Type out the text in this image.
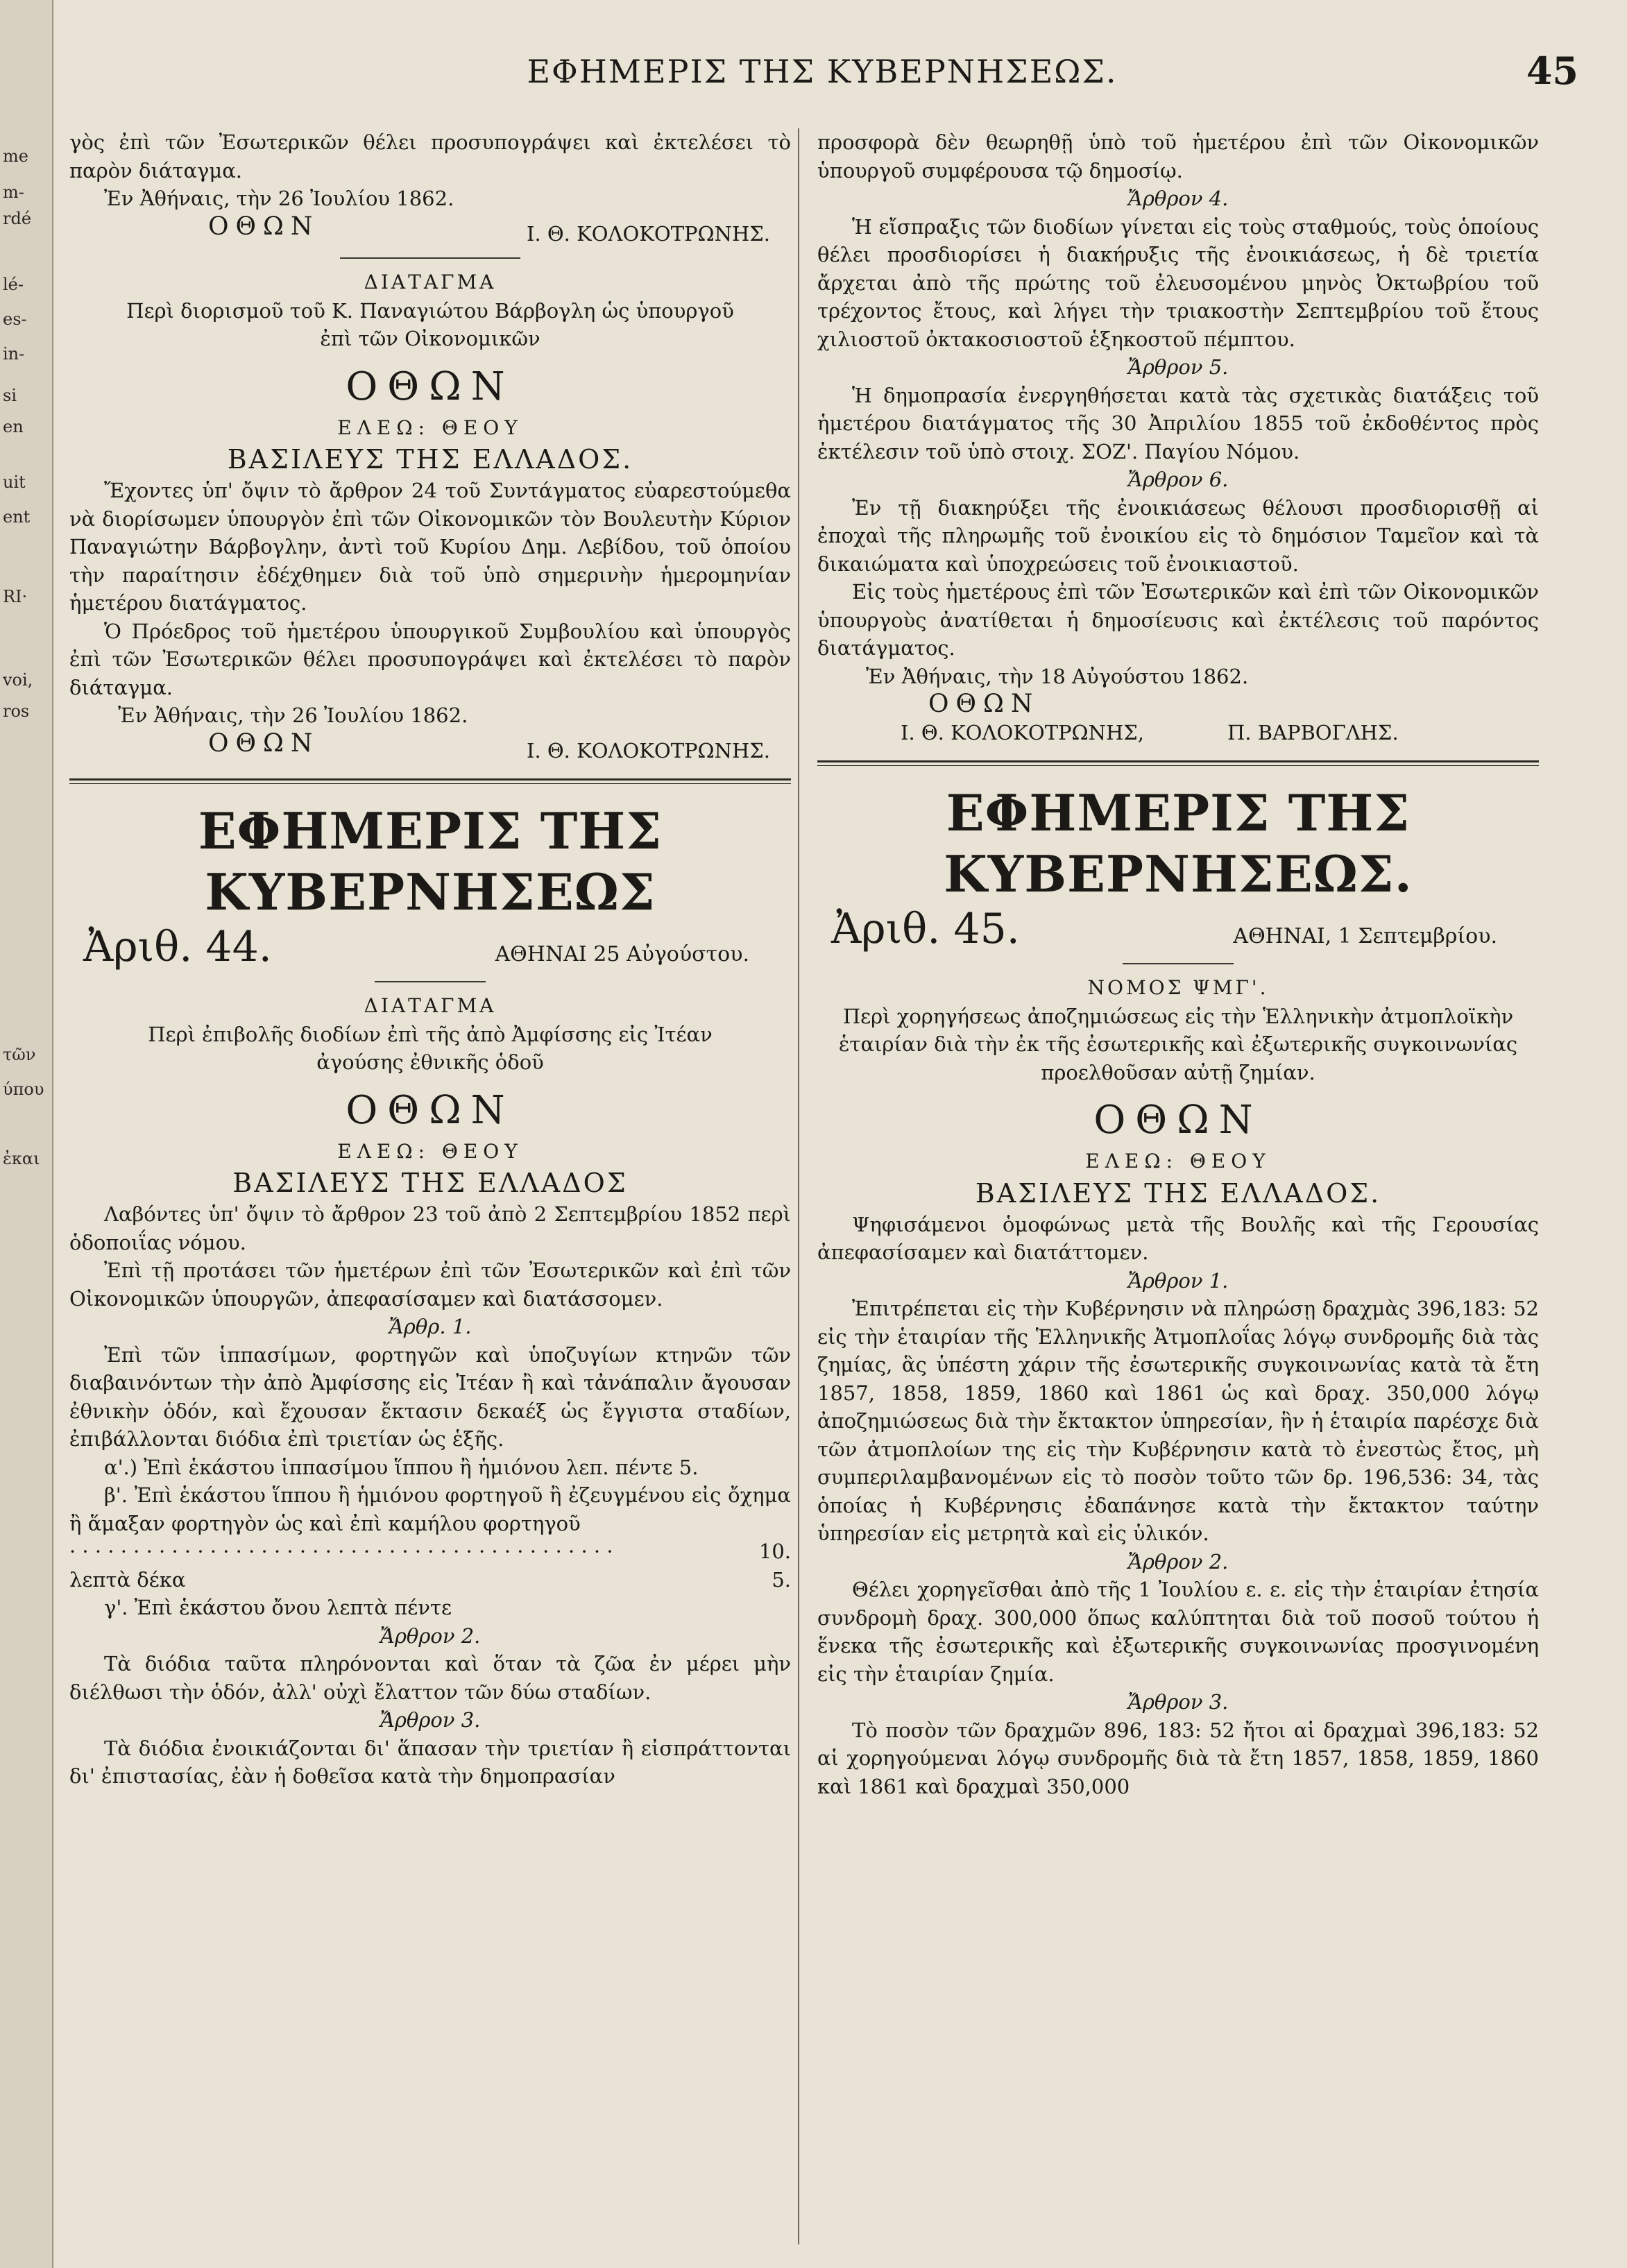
me
m-
rdé
lé-
es-
in-
si
en
uit
ent
RI·
voi,
ros
τῶν
ύπου
ἐκαι
ΕΦΗΜΕΡΙΣ ΤΗΣ ΚΥΒΕΡΝΗΣΕΩΣ.	45

γὸς ἐπὶ τῶν Ἐσωτερικῶν θέλει προσυπογράψει καὶ ἐκτελέσει τὸ παρὸν διάταγμα.

Ἐν Ἀθήναις, τὴν 26 Ἰουλίου 1862.

ΟΘΩΝ	Ι. Θ. ΚΟΛΟΚΟΤΡΩΝΗΣ.

ΔΙΑΤΑΓΜΑ

Περὶ διορισμοῦ τοῦ Κ. Παναγιώτου Βάρβογλη ὡς ὑπουργοῦ ἐπὶ τῶν Οἰκονομικῶν

ΟΘΩΝ

ΕΛΕΩ: ΘΕΟΥ

ΒΑΣΙΛΕΥΣ ΤΗΣ ΕΛΛΑΔΟΣ.

Ἔχοντες ὑπ' ὄψιν τὸ ἄρθρον 24 τοῦ Συντάγματος εὐαρεστούμεθα νὰ διορίσωμεν ὑπουργὸν ἐπὶ τῶν Οἰκονομικῶν τὸν Βουλευτὴν Κύριον Παναγιώτην Βάρβογλην, ἀντὶ τοῦ Κυρίου Δημ. Λεβίδου, τοῦ ὁποίου τὴν παραίτησιν ἐδέχθημεν διὰ τοῦ ὑπὸ σημερινὴν ἡμερομηνίαν ἡμετέρου διατάγματος.

Ὁ Πρόεδρος τοῦ ἡμετέρου ὑπουργικοῦ Συμβουλίου καὶ ὑπουργὸς ἐπὶ τῶν Ἐσωτερικῶν θέλει προσυπογράψει καὶ ἐκτελέσει τὸ παρὸν διάταγμα.

Ἐν Ἀθήναις, τὴν 26 Ἰουλίου 1862.

ΟΘΩΝ	Ι. Θ. ΚΟΛΟΚΟΤΡΩΝΗΣ.

ΕΦΗΜΕΡΙΣ ΤΗΣ ΚΥΒΕΡΝΗΣΕΩΣ

Ἀριθ. 44.	ΑΘΗΝΑΙ 25 Αὐγούστου.

ΔΙΑΤΑΓΜΑ

Περὶ ἐπιβολῆς διοδίων ἐπὶ τῆς ἀπὸ Ἀμφίσσης εἰς Ἰτέαν ἀγούσης ἐθνικῆς ὁδοῦ

ΟΘΩΝ

ΕΛΕΩ: ΘΕΟΥ

ΒΑΣΙΛΕΥΣ ΤΗΣ ΕΛΛΑΔΟΣ

Λαβόντες ὑπ' ὄψιν τὸ ἄρθρον 23 τοῦ ἀπὸ 2 Σεπτεμβρίου 1852 περὶ ὁδοποιΐας νόμου.

Ἐπὶ τῇ προτάσει τῶν ἡμετέρων ἐπὶ τῶν Ἐσωτερικῶν καὶ ἐπὶ τῶν Οἰκονομικῶν ὑπουργῶν, ἀπεφασίσαμεν καὶ διατάσσομεν.

Ἄρθρ. 1.

Ἐπὶ τῶν ἱππασίμων, φορτηγῶν καὶ ὑποζυγίων κτηνῶν τῶν διαβαινόντων τὴν ἀπὸ Ἀμφίσσης εἰς Ἰτέαν ἢ καὶ τἀνάπαλιν ἄγουσαν ἐθνικὴν ὁδόν, καὶ ἔχουσαν ἔκτασιν δεκαέξ ὡς ἔγγιστα σταδίων, ἐπιβάλλονται διόδια ἐπὶ τριετίαν ὡς ἑξῆς.

α'.) Ἐπὶ ἑκάστου ἱππασίμου ἵππου ἢ ἡμιόνου λεπ. πέντε 5.

β'. Ἐπὶ ἑκάστου ἵππου ἢ ἡμιόνου φορτηγοῦ ἢ ἐζευγμένου εἰς ὄχημα ἢ ἅμαξαν φορτηγὸν ὡς καὶ ἐπὶ καμήλου φορτηγοῦ

· · · · · · · · · · · · · · · · · · · · · · · · · · · · · · · · · · · · · · · · · · ·	10.
λεπτὰ δέκα	5.

γ'. Ἐπὶ ἑκάστου ὄνου λεπτὰ πέντε

Ἄρθρον 2.

Τὰ διόδια ταῦτα πληρόνονται καὶ ὅταν τὰ ζῶα ἐν μέρει μὴν διέλθωσι τὴν ὁδόν, ἀλλ' οὐχὶ ἔλαττον τῶν δύω σταδίων.

Ἄρθρον 3.

Τὰ διόδια ἐνοικιάζονται δι' ἅπασαν τὴν τριετίαν ἢ εἰσπράττονται δι' ἐπιστασίας, ἐὰν ἡ δοθεῖσα κατὰ τὴν δημοπρασίαν

προσφορὰ δὲν θεωρηθῇ ὑπὸ τοῦ ἡμετέρου ἐπὶ τῶν Οἰκονομικῶν ὑπουργοῦ συμφέρουσα τῷ δημοσίῳ.

Ἄρθρον 4.

Ἡ εἴσπραξις τῶν διοδίων γίνεται εἰς τοὺς σταθμούς, τοὺς ὁποίους θέλει προσδιορίσει ἡ διακήρυξις τῆς ἐνοικιάσεως, ἡ δὲ τριετία ἄρχεται ἀπὸ τῆς πρώτης τοῦ ἐλευσομένου μηνὸς Ὀκτωβρίου τοῦ τρέχοντος ἔτους, καὶ λήγει τὴν τριακοστὴν Σεπτεμβρίου τοῦ ἔτους χιλιοστοῦ ὀκτακοσιοστοῦ ἑξηκοστοῦ πέμπτου.

Ἄρθρον 5.

Ἡ δημοπρασία ἐνεργηθήσεται κατὰ τὰς σχετικὰς διατάξεις τοῦ ἡμετέρου διατάγματος τῆς 30 Ἀπριλίου 1855 τοῦ ἐκδοθέντος πρὸς ἐκτέλεσιν τοῦ ὑπὸ στοιχ. ΣΟΖ'. Παγίου Νόμου.

Ἄρθρον 6.

Ἐν τῇ διακηρύξει τῆς ἐνοικιάσεως θέλουσι προσδιορισθῇ αἱ ἐποχαὶ τῆς πληρωμῆς τοῦ ἐνοικίου εἰς τὸ δημόσιον Ταμεῖον καὶ τὰ δικαιώματα καὶ ὑποχρεώσεις τοῦ ἐνοικιαστοῦ.

Εἰς τοὺς ἡμετέρους ἐπὶ τῶν Ἐσωτερικῶν καὶ ἐπὶ τῶν Οἰκονομικῶν ὑπουργοὺς ἀνατίθεται ἡ δημοσίευσις καὶ ἐκτέλεσις τοῦ παρόντος διατάγματος.

Ἐν Ἀθήναις, τὴν 18 Αὐγούστου 1862.

ΟΘΩΝ

Ι. Θ. ΚΟΛΟΚΟΤΡΩΝΗΣ,	Π. ΒΑΡΒΟΓΛΗΣ.

ΕΦΗΜΕΡΙΣ ΤΗΣ ΚΥΒΕΡΝΗΣΕΩΣ.

Ἀριθ. 45.	ΑΘΗΝΑΙ, 1 Σεπτεμβρίου.

ΝΟΜΟΣ ΨΜΓ'.

Περὶ χορηγήσεως ἀποζημιώσεως εἰς τὴν Ἑλληνικὴν ἀτμοπλοϊκὴν ἑταιρίαν διὰ τὴν ἐκ τῆς ἐσωτερικῆς καὶ ἐξωτερικῆς συγκοινωνίας προελθοῦσαν αὐτῇ ζημίαν.

ΟΘΩΝ

ΕΛΕΩ: ΘΕΟΥ

ΒΑΣΙΛΕΥΣ ΤΗΣ ΕΛΛΑΔΟΣ.

Ψηφισάμενοι ὁμοφώνως μετὰ τῆς Βουλῆς καὶ τῆς Γερουσίας ἀπεφασίσαμεν καὶ διατάττομεν.

Ἄρθρον 1.

Ἐπιτρέπεται εἰς τὴν Κυβέρνησιν νὰ πληρώσῃ δραχμὰς 396,183: 52 εἰς τὴν ἑταιρίαν τῆς Ἑλληνικῆς Ἀτμοπλοΐας λόγῳ συνδρομῆς διὰ τὰς ζημίας, ἃς ὑπέστη χάριν τῆς ἐσωτερικῆς συγκοινωνίας κατὰ τὰ ἔτη 1857, 1858, 1859, 1860 καὶ 1861 ὡς καὶ δραχ. 350,000 λόγῳ ἀποζημιώσεως διὰ τὴν ἔκτακτον ὑπηρεσίαν, ἣν ἡ ἑταιρία παρέσχε διὰ τῶν ἀτμοπλοίων της εἰς τὴν Κυβέρνησιν κατὰ τὸ ἐνεστὼς ἔτος, μὴ συμπεριλαμβανομένων εἰς τὸ ποσὸν τοῦτο τῶν δρ. 196,536: 34, τὰς ὁποίας ἡ Κυβέρνησις ἐδαπάνησε κατὰ τὴν ἔκτακτον ταύτην ὑπηρεσίαν εἰς μετρητὰ καὶ εἰς ὑλικόν.

Ἄρθρον 2.

Θέλει χορηγεῖσθαι ἀπὸ τῆς 1 Ἰουλίου ε. ε. εἰς τὴν ἑταιρίαν ἐτησία συνδρομὴ δραχ. 300,000 ὅπως καλύπτηται διὰ τοῦ ποσοῦ τούτου ἡ ἕνεκα τῆς ἐσωτερικῆς καὶ ἐξωτερικῆς συγκοινωνίας προσγινομένη εἰς τὴν ἑταιρίαν ζημία.

Ἄρθρον 3.

Τὸ ποσὸν τῶν δραχμῶν 896, 183: 52 ἤτοι αἱ δραχμαὶ 396,183: 52 αἱ χορηγούμεναι λόγῳ συνδρομῆς διὰ τὰ ἔτη 1857, 1858, 1859, 1860 καὶ 1861 καὶ δραχμαὶ 350,000
